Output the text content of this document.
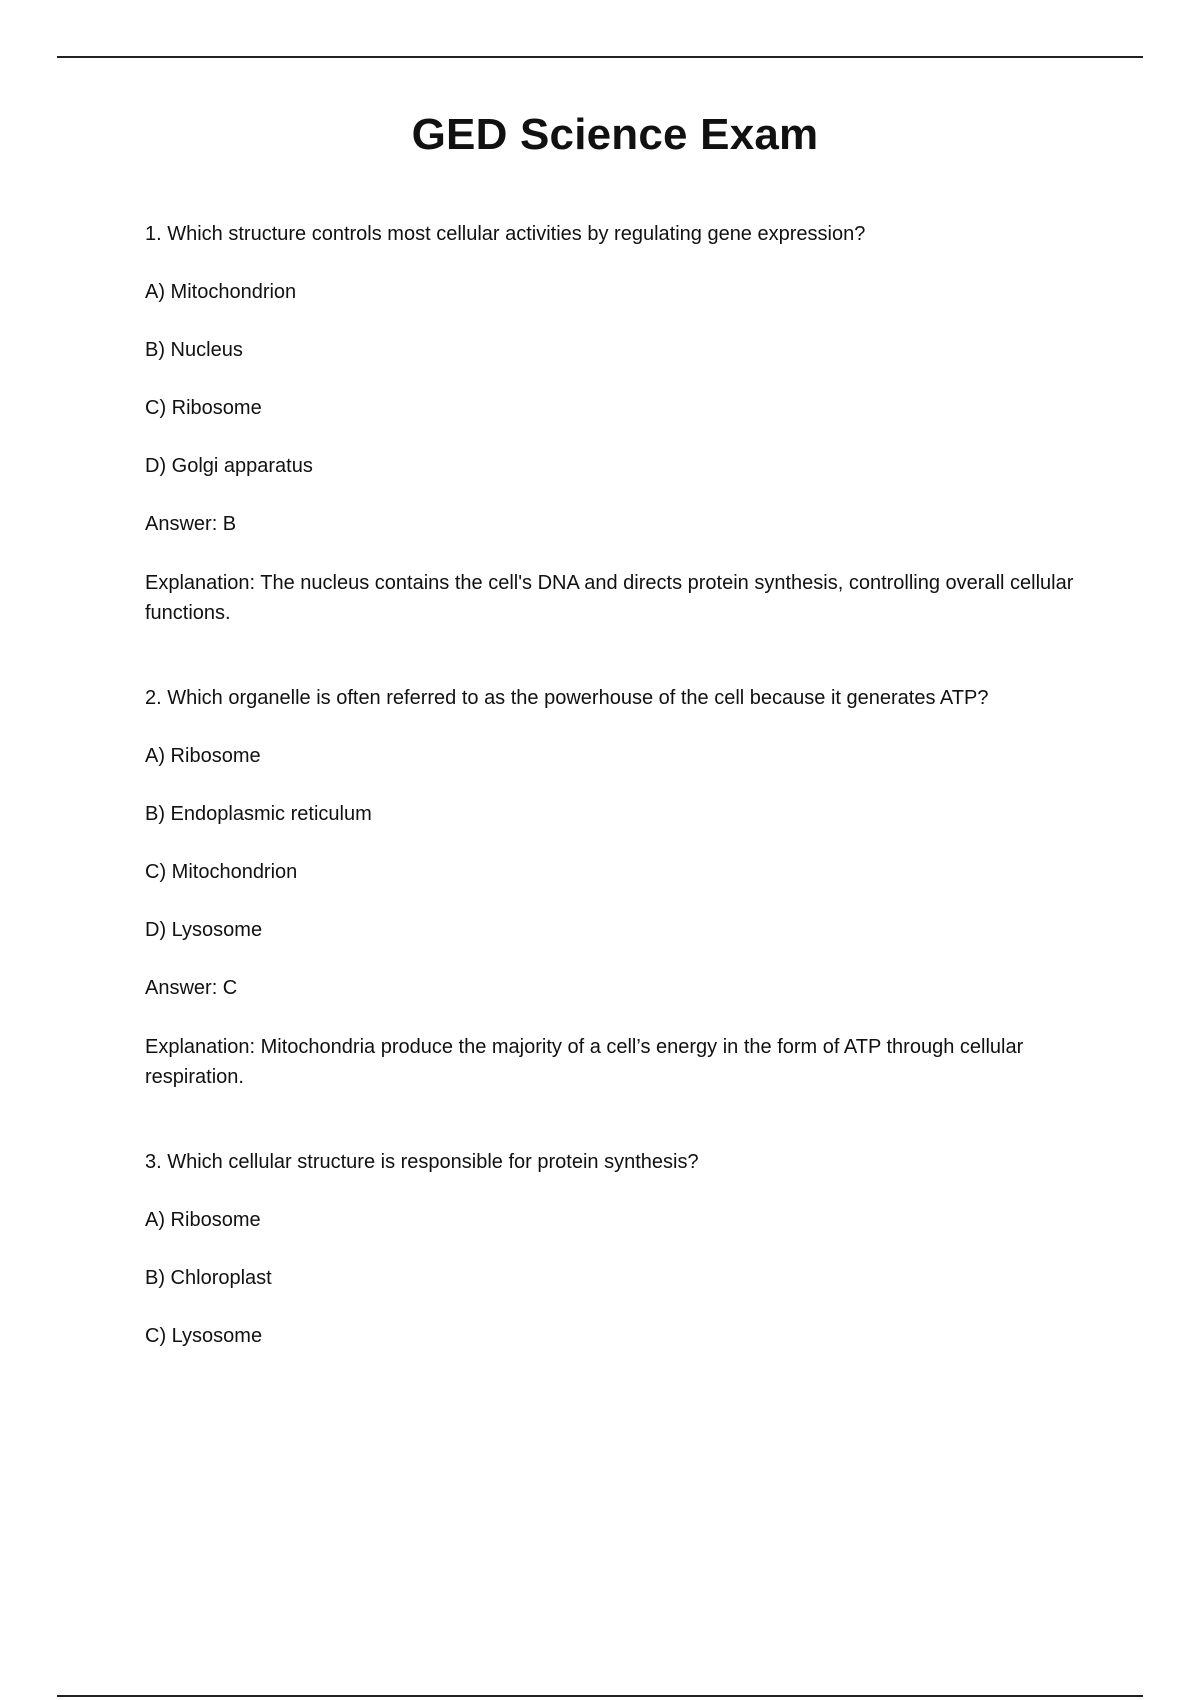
GED Science Exam

1. Which structure controls most cellular activities by regulating gene expression?

A) Mitochondrion

B) Nucleus

C) Ribosome

D) Golgi apparatus

Answer: B

Explanation: The nucleus contains the cell's DNA and directs protein synthesis, controlling overall cellular functions.

2. Which organelle is often referred to as the powerhouse of the cell because it generates ATP?

A) Ribosome

B) Endoplasmic reticulum

C) Mitochondrion

D) Lysosome

Answer: C

Explanation: Mitochondria produce the majority of a cell’s energy in the form of ATP through cellular respiration.

3. Which cellular structure is responsible for protein synthesis?

A) Ribosome

B) Chloroplast

C) Lysosome
